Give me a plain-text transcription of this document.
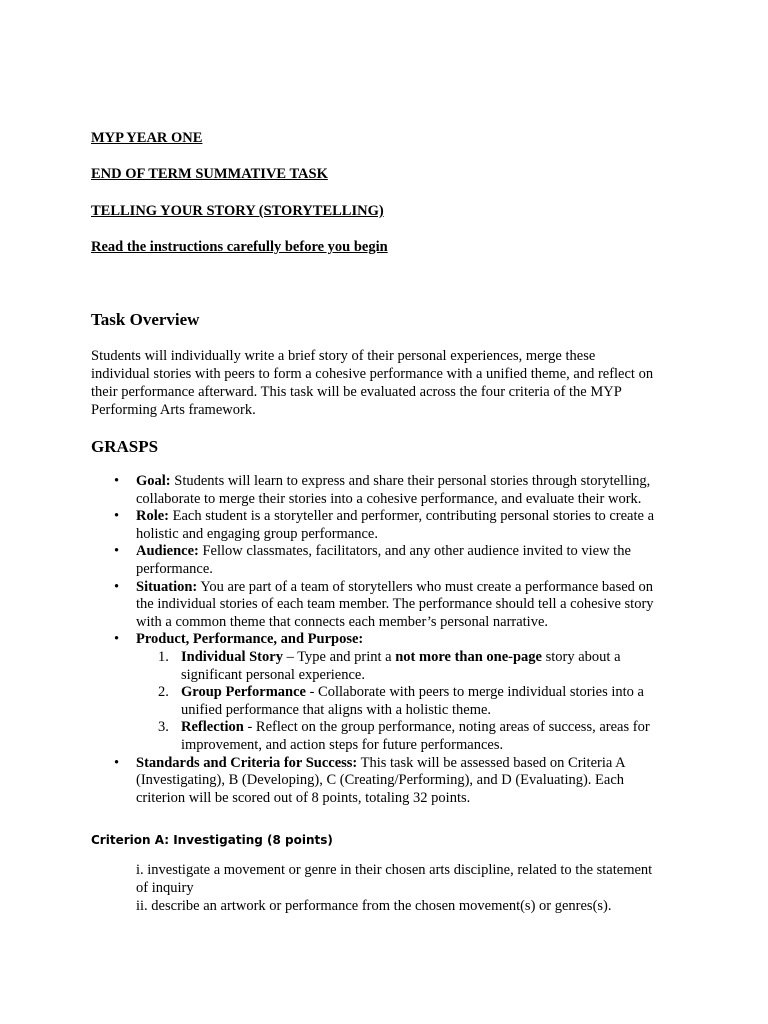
MYP YEAR ONE
END OF TERM SUMMATIVE TASK
TELLING YOUR STORY (STORYTELLING)
Read the instructions carefully before you begin
Task Overview
Students will individually write a brief story of their personal experiences, merge these
individual stories with peers to form a cohesive performance with a unified theme, and reflect on
their performance afterward. This task will be evaluated across the four criteria of the MYP
Performing Arts framework.
GRASPS
• Goal: Students will learn to express and share their personal stories through storytelling,
collaborate to merge their stories into a cohesive performance, and evaluate their work.
• Role: Each student is a storyteller and performer, contributing personal stories to create a
holistic and engaging group performance.
• Audience: Fellow classmates, facilitators, and any other audience invited to view the
performance.
• Situation: You are part of a team of storytellers who must create a performance based on
the individual stories of each team member. The performance should tell a cohesive story
with a common theme that connects each member’s personal narrative.
• Product, Performance, and Purpose:
1. Individual Story – Type and print a not more than one-page story about a
significant personal experience.
2. Group Performance - Collaborate with peers to merge individual stories into a
unified performance that aligns with a holistic theme.
3. Reflection - Reflect on the group performance, noting areas of success, areas for
improvement, and action steps for future performances.
• Standards and Criteria for Success: This task will be assessed based on Criteria A
(Investigating), B (Developing), C (Creating/Performing), and D (Evaluating). Each
criterion will be scored out of 8 points, totaling 32 points.
Criterion A: Investigating (8 points)
i. investigate a movement or genre in their chosen arts discipline, related to the statement
of inquiry
ii. describe an artwork or performance from the chosen movement(s) or genres(s).
